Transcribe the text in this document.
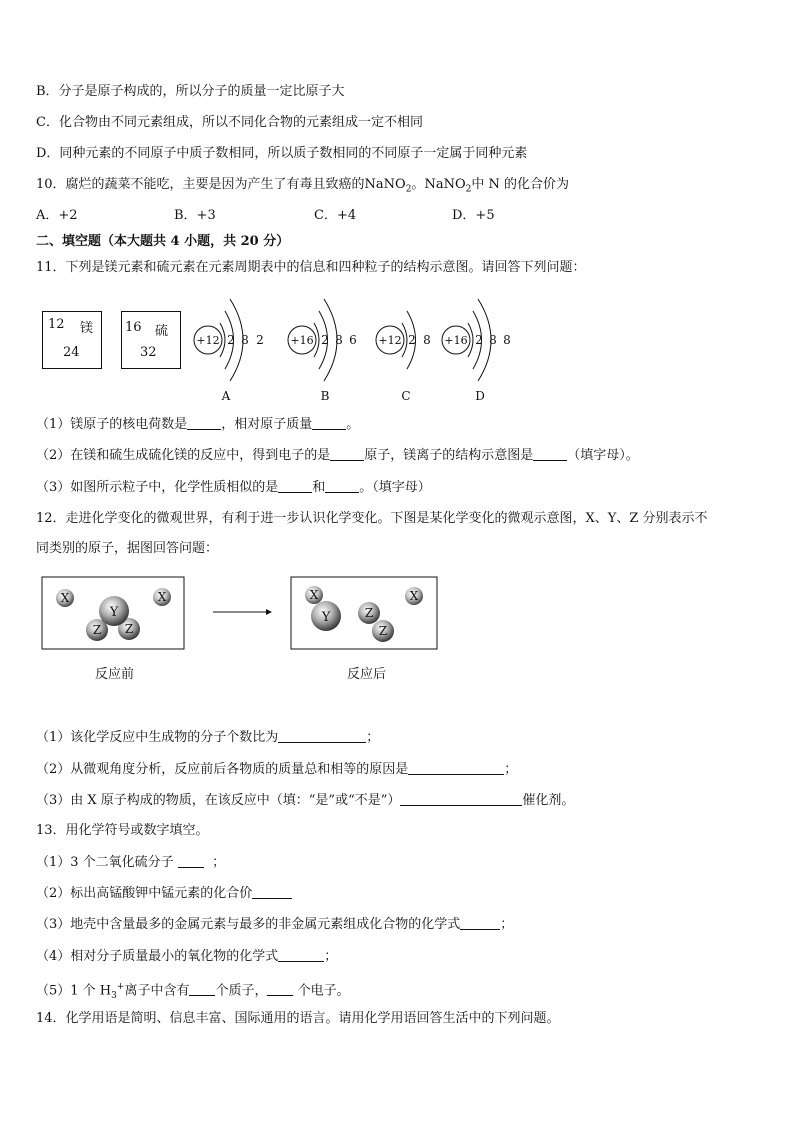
B．分子是原子构成的，所以分子的质量一定比原子大
C．化合物由不同元素组成，所以不同化合物的元素组成一定不相同
D．同种元素的不同原子中质子数相同，所以质子数相同的不同原子一定属于同种元素
10．腐烂的蔬菜不能吃，主要是因为产生了有毒且致癌的NaNO$_2$。NaNO$_2$中 N 的化合价为
A．+2	B．+3	C．+4	D．+5
二、填空题（本大题共 4 小题，共 20 分）
11．下列是镁元素和硫元素在元素周期表中的信息和四种粒子的结构示意图。请回答下列问题：
12 镁
24
16 硫
32
+12 2 8 2
A
+16 2 8 6
B
+12 2 8
C
+16 2 8 8
D
（1）镁原子的核电荷数是	，相对原子质量	。
（2）在镁和硫生成硫化镁的反应中，得到电子的是	原子，镁离子的结构示意图是	（填字母）。
（3）如图所示粒子中，化学性质相似的是	和	。（填字母）
12．走进化学变化的微观世界，有利于进一步认识化学变化。下图是某化学变化的微观示意图，X、Y、Z 分别表示不
同类别的原子，据图回答问题：
X
Z Z
Y
X	X
Y	Z
Z
X
反应前	反应后
（1）该化学反应中生成物的分子个数比为	；
（2）从微观角度分析，反应前后各物质的质量总和相等的原因是	；
（3）由 X 原子构成的物质，在该反应中（填：“是”或“不是”）	催化剂。
13．用化学符号或数字填空。
（1）3 个二氧化硫分子	；
（2）标出高锰酸钾中锰元素的化合价
（3）地壳中含量最多的金属元素与最多的非金属元素组成化合物的化学式	；
（4）相对分子质量最小的氧化物的化学式	；
（5）1 个 $H_3^+$离子中含有 个质子， 个电子。
14．化学用语是简明、信息丰富、国际通用的语言。请用化学用语回答生活中的下列问题。
